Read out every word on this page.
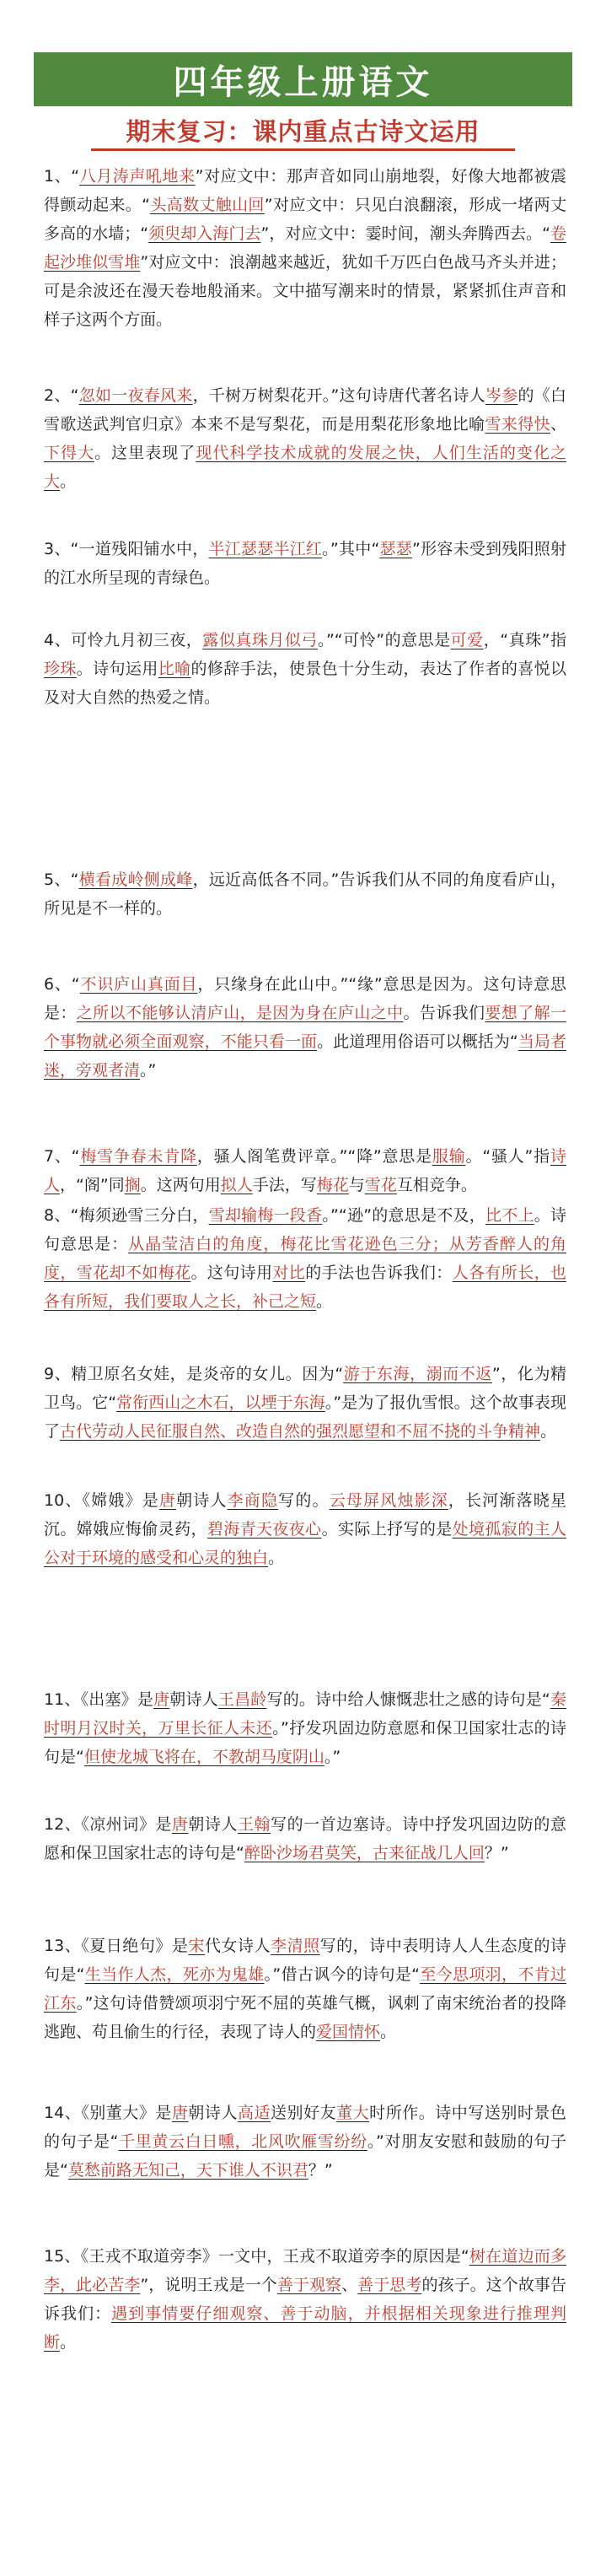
四年级上册语文
期末复习：课内重点古诗文运用

1、“八月涛声吼地来”对应文中：那声音如同山崩地裂，好像大地都被震得颤动起来。“头高数丈触山回”对应文中：只见白浪翻滚，形成一堵两丈多高的水墙；“须臾却入海门去”，对应文中：霎时间，潮头奔腾西去。“卷起沙堆似雪堆”对应文中：浪潮越来越近，犹如千万匹白色战马齐头并进；可是余波还在漫天卷地般涌来。文中描写潮来时的情景，紧紧抓住声音和样子这两个方面。

2、“忽如一夜春风来，千树万树梨花开。”这句诗唐代著名诗人岑参的《白雪歌送武判官归京》本来不是写梨花，而是用梨花形象地比喻雪来得快、下得大。这里表现了现代科学技术成就的发展之快，人们生活的变化之大。

3、“一道残阳铺水中，半江瑟瑟半江红。”其中“瑟瑟”形容未受到残阳照射的江水所呈现的青绿色。

4、可怜九月初三夜，露似真珠月似弓。”“可怜”的意思是可爱，“真珠”指珍珠。诗句运用比喻的修辞手法，使景色十分生动，表达了作者的喜悦以及对大自然的热爱之情。

5、“横看成岭侧成峰，远近高低各不同。”告诉我们从不同的角度看庐山，所见是不一样的。

6、“不识庐山真面目，只缘身在此山中。”“缘”意思是因为。这句诗意思是：之所以不能够认清庐山，是因为身在庐山之中。告诉我们要想了解一个事物就必须全面观察，不能只看一面。此道理用俗语可以概括为“当局者迷，旁观者清。”

7、“梅雪争春未肯降，骚人阁笔费评章。”“降”意思是服输。“骚人”指诗人，“阁”同搁。这两句用拟人手法，写梅花与雪花互相竞争。

8、“梅须逊雪三分白，雪却输梅一段香。”“逊”的意思是不及，比不上。诗句意思是：从晶莹洁白的角度，梅花比雪花逊色三分；从芳香醉人的角度，雪花却不如梅花。这句诗用对比的手法也告诉我们：人各有所长，也各有所短，我们要取人之长，补己之短。

9、精卫原名女娃，是炎帝的女儿。因为“游于东海，溺而不返”，化为精卫鸟。它“常衔西山之木石，以堙于东海。”是为了报仇雪恨。这个故事表现了古代劳动人民征服自然、改造自然的强烈愿望和不屈不挠的斗争精神。

10、《嫦娥》是唐朝诗人李商隐写的。云母屏风烛影深，长河渐落晓星沉。嫦娥应悔偷灵药，碧海青天夜夜心。实际上抒写的是处境孤寂的主人公对于环境的感受和心灵的独白。

11、《出塞》是唐朝诗人王昌龄写的。诗中给人慷慨悲壮之感的诗句是“秦时明月汉时关，万里长征人未还。”抒发巩固边防意愿和保卫国家壮志的诗句是“但使龙城飞将在，不教胡马度阴山。”

12、《凉州词》是唐朝诗人王翰写的一首边塞诗。诗中抒发巩固边防的意愿和保卫国家壮志的诗句是“醉卧沙场君莫笑，古来征战几人回？”

13、《夏日绝句》是宋代女诗人李清照写的，诗中表明诗人人生态度的诗句是“生当作人杰，死亦为鬼雄。”借古讽今的诗句是“至今思项羽，不肯过江东。”这句诗借赞颂项羽宁死不屈的英雄气概，讽刺了南宋统治者的投降逃跑、苟且偷生的行径，表现了诗人的爱国情怀。

14、《别董大》是唐朝诗人高适送别好友董大时所作。诗中写送别时景色的句子是“千里黄云白日曛，北风吹雁雪纷纷。”对朋友安慰和鼓励的句子是“莫愁前路无知己，天下谁人不识君？”

15、《王戎不取道旁李》一文中，王戎不取道旁李的原因是“树在道边而多李，此必苦李”，说明王戎是一个善于观察、善于思考的孩子。这个故事告诉我们：遇到事情要仔细观察、善于动脑，并根据相关现象进行推理判断。
